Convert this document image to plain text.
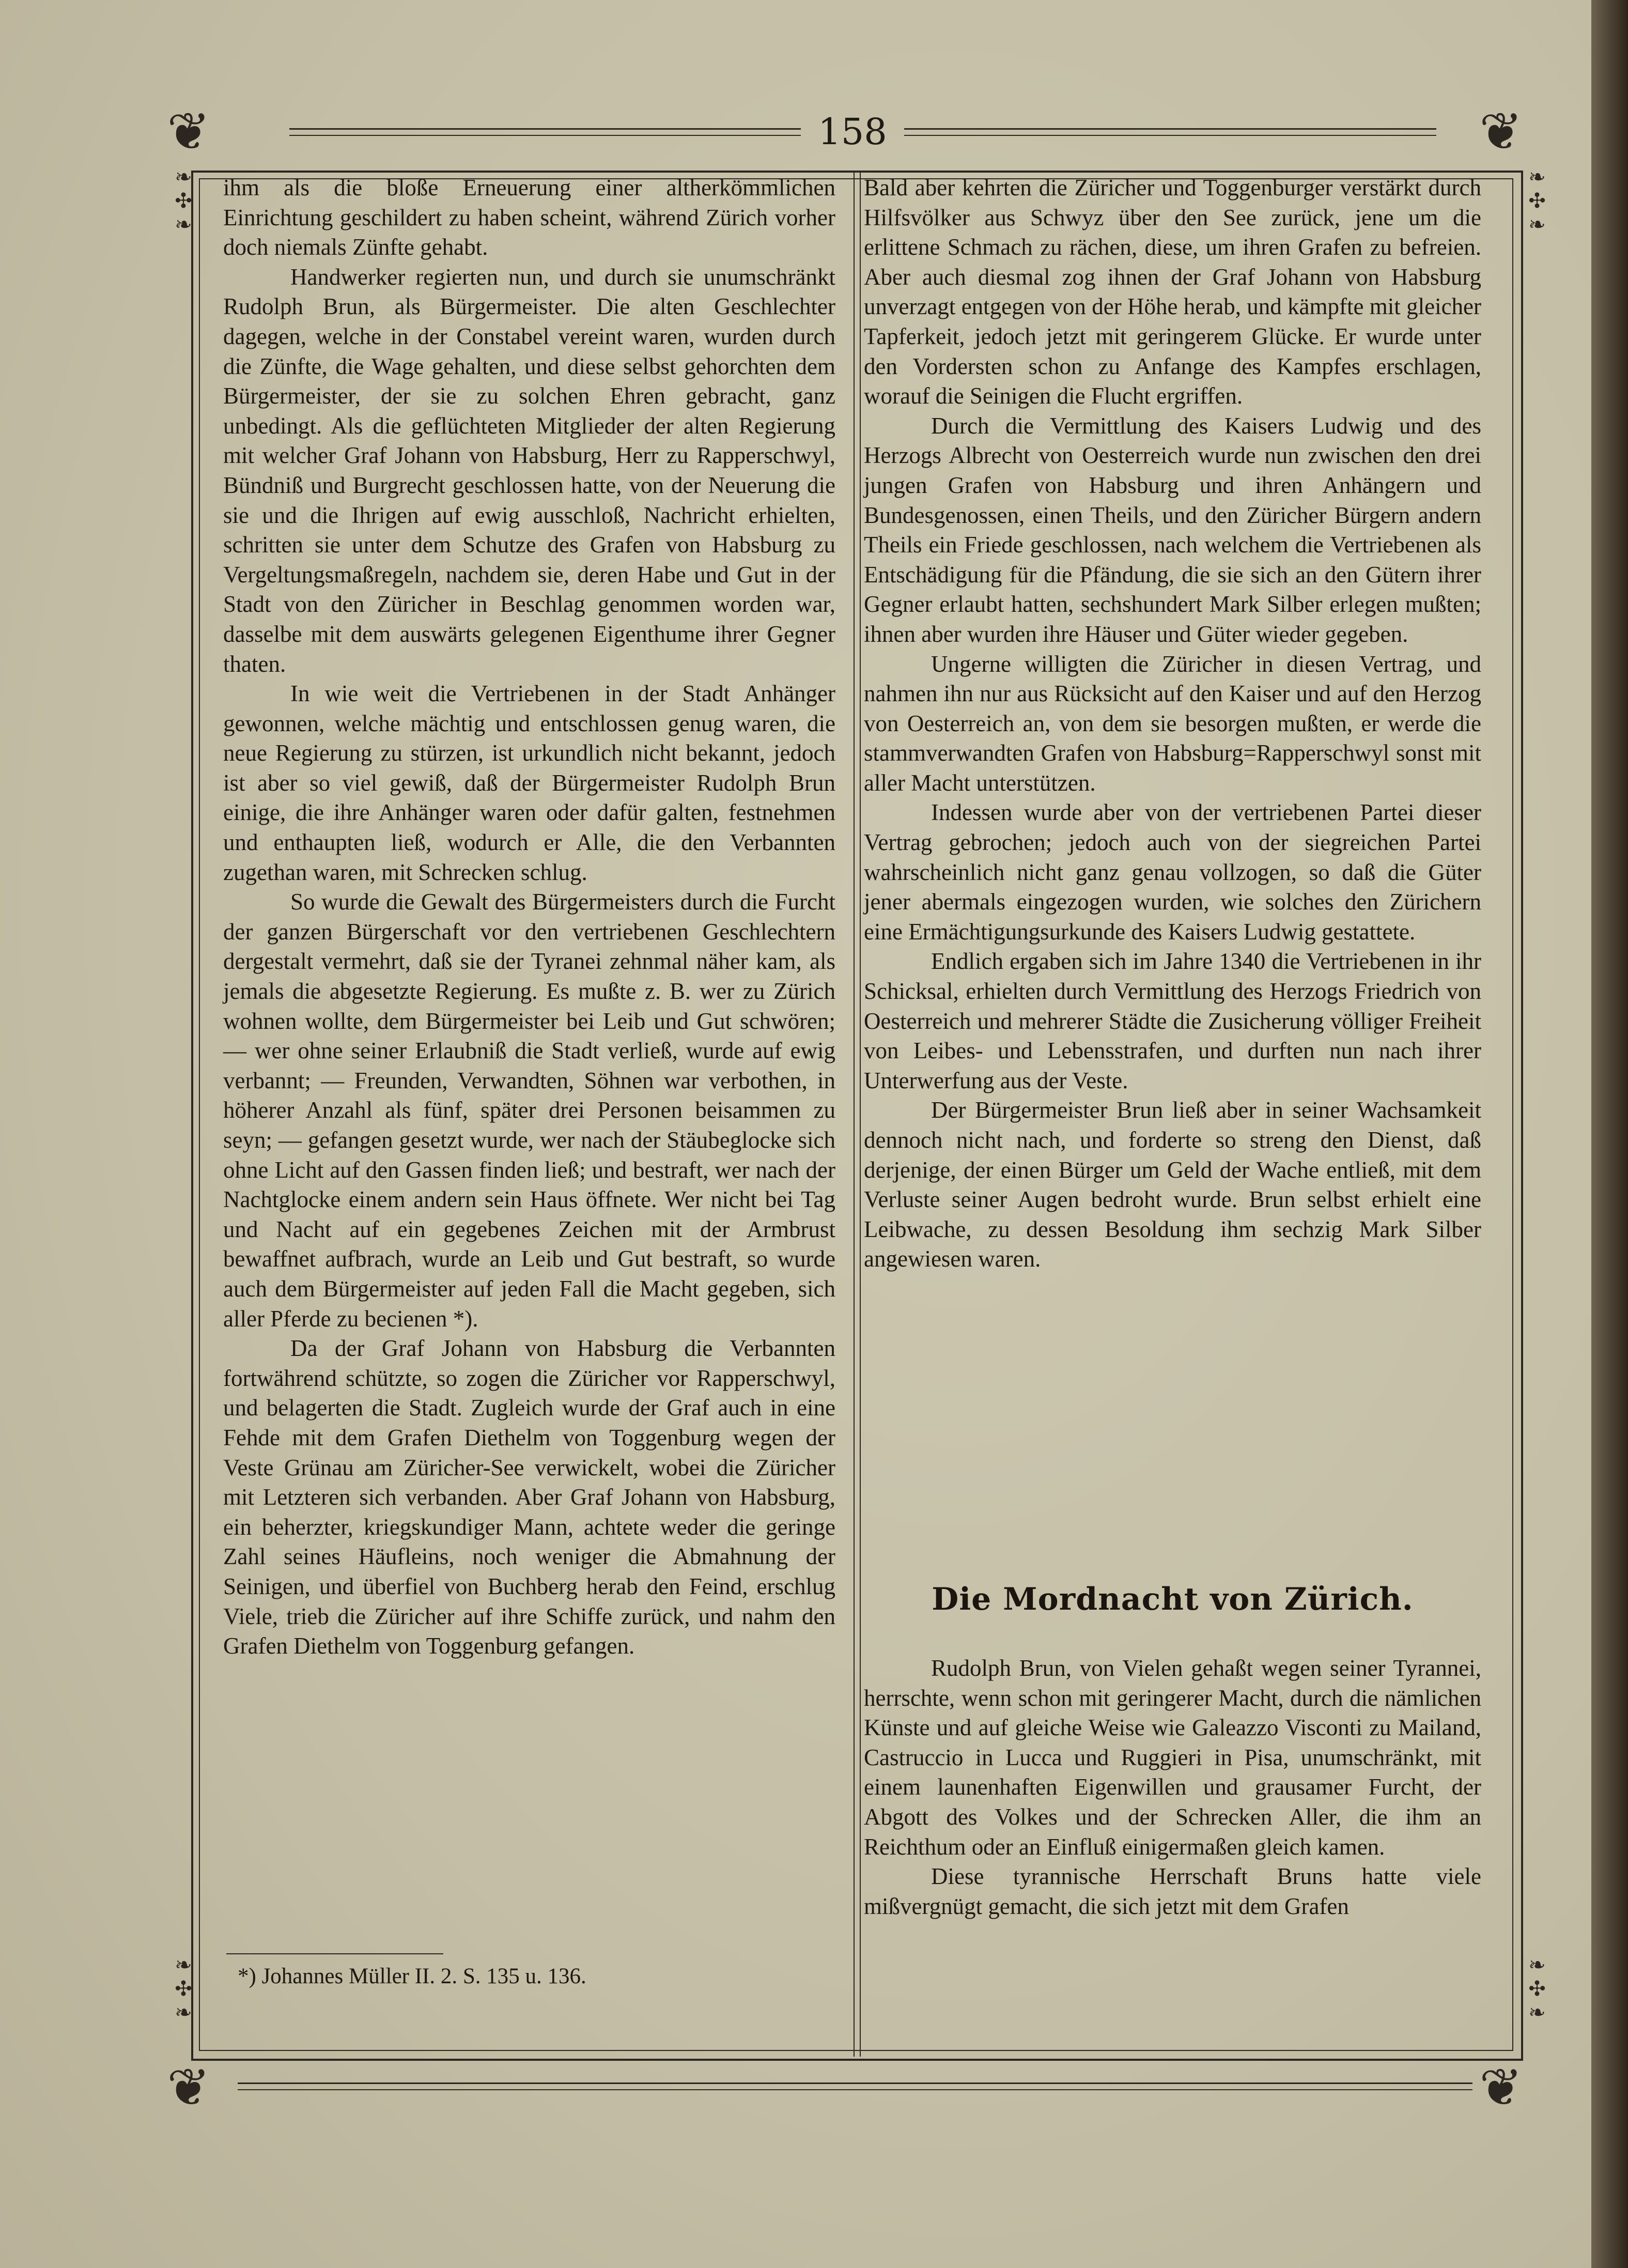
❦	❦
158
❧
✣
❧
❧
✣
❧
❧
✣
❧
❧
✣
❧

ihm als die bloße Erneuerung einer altherkömmlichen Einrichtung geschildert zu haben scheint, während Zürich vorher doch niemals Zünfte gehabt.

Handwerker regierten nun, und durch sie unumschränkt Rudolph Brun, als Bürgermeister. Die alten Geschlechter dagegen, welche in der Constabel vereint waren, wurden durch die Zünfte, die Wage gehalten, und diese selbst gehorchten dem Bürgermeister, der sie zu solchen Ehren gebracht, ganz unbedingt. Als die geflüchteten Mitglieder der alten Regierung mit welcher Graf Johann von Habsburg, Herr zu Rapperschwyl, Bündniß und Burgrecht geschlossen hatte, von der Neuerung die sie und die Ihrigen auf ewig ausschloß, Nachricht erhielten, schritten sie unter dem Schutze des Grafen von Habsburg zu Vergeltungsmaßregeln, nachdem sie, deren Habe und Gut in der Stadt von den Züricher in Beschlag genommen worden war, dasselbe mit dem auswärts gelegenen Eigenthume ihrer Gegner thaten.

In wie weit die Vertriebenen in der Stadt Anhänger gewonnen, welche mächtig und entschlossen genug waren, die neue Regierung zu stürzen, ist urkundlich nicht bekannt, jedoch ist aber so viel gewiß, daß der Bürgermeister Rudolph Brun einige, die ihre Anhänger waren oder dafür galten, festnehmen und enthaupten ließ, wodurch er Alle, die den Verbannten zugethan waren, mit Schrecken schlug.

So wurde die Gewalt des Bürgermeisters durch die Furcht der ganzen Bürgerschaft vor den vertriebenen Geschlechtern dergestalt vermehrt, daß sie der Tyranei zehnmal näher kam, als jemals die abgesetzte Regierung. Es mußte z. B. wer zu Zürich wohnen wollte, dem Bürgermeister bei Leib und Gut schwören; — wer ohne seiner Erlaubniß die Stadt verließ, wurde auf ewig verbannt; — Freunden, Verwandten, Söhnen war verbothen, in höherer Anzahl als fünf, später drei Personen beisammen zu seyn; — gefangen gesetzt wurde, wer nach der Stäubeglocke sich ohne Licht auf den Gassen finden ließ; und bestraft, wer nach der Nachtglocke einem andern sein Haus öffnete. Wer nicht bei Tag und Nacht auf ein gegebenes Zeichen mit der Armbrust bewaffnet aufbrach, wurde an Leib und Gut bestraft, so wurde auch dem Bürgermeister auf jeden Fall die Macht gegeben, sich aller Pferde zu becienen *).

Da der Graf Johann von Habsburg die Verbannten fortwährend schützte, so zogen die Züricher vor Rapperschwyl, und belagerten die Stadt. Zugleich wurde der Graf auch in eine Fehde mit dem Grafen Diethelm von Toggenburg wegen der Veste Grünau am Züricher-See verwickelt, wobei die Züricher mit Letzteren sich verbanden. Aber Graf Johann von Habsburg, ein beherzter, kriegskundiger Mann, achtete weder die geringe Zahl seines Häufleins, noch weniger die Abmahnung der Seinigen, und überfiel von Buchberg herab den Feind, erschlug Viele, trieb die Züricher auf ihre Schiffe zurück, und nahm den Grafen Diethelm von Toggenburg gefangen.

*) Johannes Müller II. 2. S. 135 u. 136.

Bald aber kehrten die Züricher und Toggenburger verstärkt durch Hilfsvölker aus Schwyz über den See zurück, jene um die erlittene Schmach zu rächen, diese, um ihren Grafen zu befreien. Aber auch diesmal zog ihnen der Graf Johann von Habsburg unverzagt entgegen von der Höhe herab, und kämpfte mit gleicher Tapferkeit, jedoch jetzt mit geringerem Glücke. Er wurde unter den Vordersten schon zu Anfange des Kampfes erschlagen, worauf die Seinigen die Flucht ergriffen.

Durch die Vermittlung des Kaisers Ludwig und des Herzogs Albrecht von Oesterreich wurde nun zwischen den drei jungen Grafen von Habsburg und ihren Anhängern und Bundesgenossen, einen Theils, und den Züricher Bürgern andern Theils ein Friede geschlossen, nach welchem die Vertriebenen als Entschädigung für die Pfändung, die sie sich an den Gütern ihrer Gegner erlaubt hatten, sechshundert Mark Silber erlegen mußten; ihnen aber wurden ihre Häuser und Güter wieder gegeben.

Ungerne willigten die Züricher in diesen Vertrag, und nahmen ihn nur aus Rücksicht auf den Kaiser und auf den Herzog von Oesterreich an, von dem sie besorgen mußten, er werde die stammverwandten Grafen von Habsburg=Rapperschwyl sonst mit aller Macht unterstützen.

Indessen wurde aber von der vertriebenen Partei dieser Vertrag gebrochen; jedoch auch von der siegreichen Partei wahrscheinlich nicht ganz genau vollzogen, so daß die Güter jener abermals eingezogen wurden, wie solches den Zürichern eine Ermächtigungsurkunde des Kaisers Ludwig gestattete.

Endlich ergaben sich im Jahre 1340 die Vertriebenen in ihr Schicksal, erhielten durch Vermittlung des Herzogs Friedrich von Oesterreich und mehrerer Städte die Zusicherung völliger Freiheit von Leibes- und Lebensstrafen, und durften nun nach ihrer Unterwerfung aus der Veste.

Der Bürgermeister Brun ließ aber in seiner Wachsamkeit dennoch nicht nach, und forderte so streng den Dienst, daß derjenige, der einen Bürger um Geld der Wache entließ, mit dem Verluste seiner Augen bedroht wurde. Brun selbst erhielt eine Leibwache, zu dessen Besoldung ihm sechzig Mark Silber angewiesen waren.

Die Mordnacht von Zürich.

Rudolph Brun, von Vielen gehaßt wegen seiner Tyrannei, herrschte, wenn schon mit geringerer Macht, durch die nämlichen Künste und auf gleiche Weise wie Galeazzo Visconti zu Mailand, Castruccio in Lucca und Ruggieri in Pisa, unumschränkt, mit einem launenhaften Eigenwillen und grausamer Furcht, der Abgott des Volkes und der Schrecken Aller, die ihm an Reichthum oder an Einfluß einigermaßen gleich kamen.

Diese tyrannische Herrschaft Bruns hatte viele mißvergnügt gemacht, die sich jetzt mit dem Grafen

❦	❦
